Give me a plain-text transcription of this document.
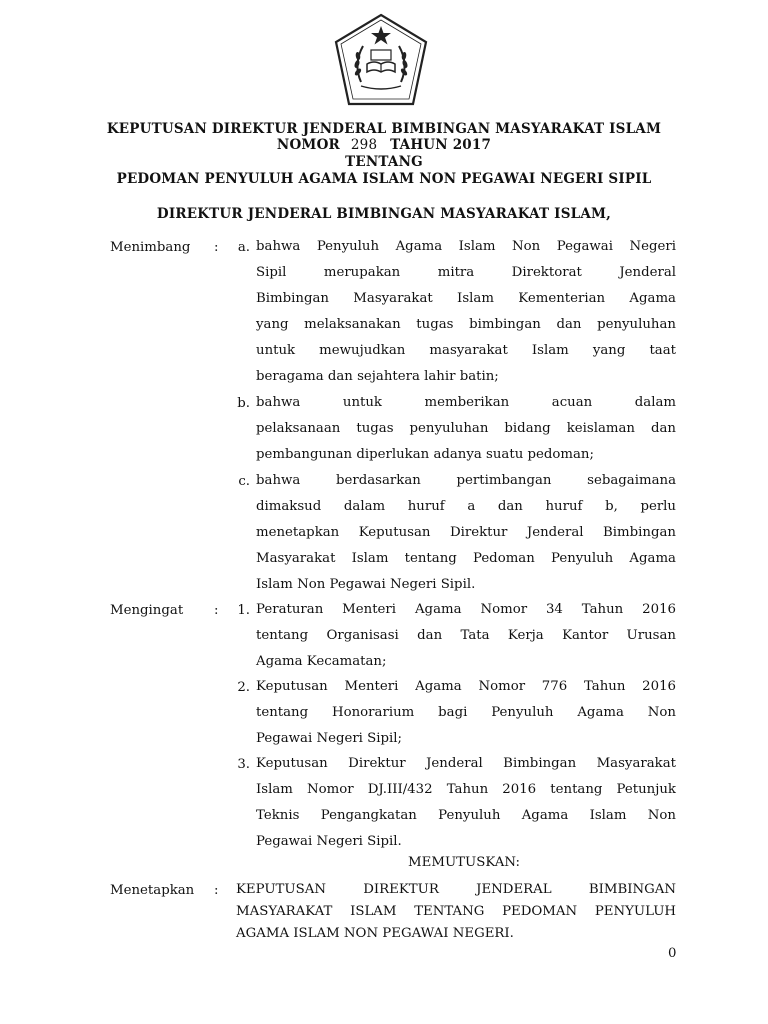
KEPUTUSAN DIREKTUR JENDERAL BIMBINGAN MASYARAKAT ISLAM
NOMOR 298 TAHUN 2017
TENTANG
PEDOMAN PENYULUH AGAMA ISLAM NON PEGAWAI NEGERI SIPIL
DIREKTUR JENDERAL BIMBINGAN MASYARAKAT ISLAM,
Menimbang :	a. bahwa Penyuluh Agama Islam Non Pegawai Negeri
Sipil merupakan mitra Direktorat Jenderal
Bimbingan Masyarakat Islam Kementerian Agama
yang melaksanakan tugas bimbingan dan penyuluhan
untuk mewujudkan masyarakat Islam yang taat
beragama dan sejahtera lahir batin;
b. bahwa untuk memberikan acuan dalam
pelaksanaan tugas penyuluhan bidang keislaman dan
pembangunan diperlukan adanya suatu pedoman;
c. bahwa berdasarkan pertimbangan sebagaimana
dimaksud dalam huruf a dan huruf b, perlu
menetapkan Keputusan Direktur Jenderal Bimbingan
Masyarakat Islam tentang Pedoman Penyuluh Agama
Islam Non Pegawai Negeri Sipil.
Mengingat :	1. Peraturan Menteri Agama Nomor 34 Tahun 2016
tentang Organisasi dan Tata Kerja Kantor Urusan
Agama Kecamatan;
2. Keputusan Menteri Agama Nomor 776 Tahun 2016
tentang Honorarium bagi Penyuluh Agama Non
Pegawai Negeri Sipil;
3. Keputusan Direktur Jenderal Bimbingan Masyarakat
Islam Nomor DJ.III/432 Tahun 2016 tentang Petunjuk
Teknis Pengangkatan Penyuluh Agama Islam Non
Pegawai Negeri Sipil.
MEMUTUSKAN:
Menetapkan : KEPUTUSAN DIREKTUR JENDERAL BIMBINGAN
MASYARAKAT ISLAM TENTANG PEDOMAN PENYULUH
AGAMA ISLAM NON PEGAWAI NEGERI.
0
